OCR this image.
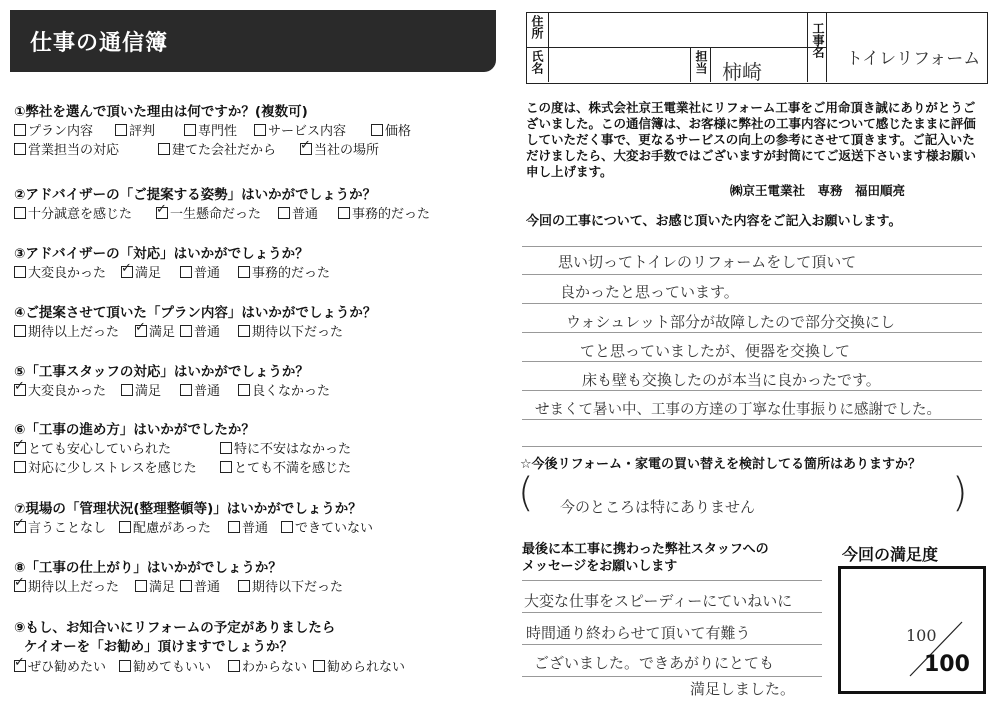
仕事の通信簿
①弊社を選んで頂いた理由は何ですか？(複数可)
プラン内容	評判	専門性	サービス内容	価格
営業担当の対応	建てた会社だから ✓	当社の場所
②アドバイザーの「ご提案する姿勢」はいかがでしょうか？
十分誠意を感じた ✓	一生懸命だった	普通	事務的だった
③アドバイザーの「対応」はいかがでしょうか？
大変良かった ✓	満足	普通	事務的だった
④ご提案させて頂いた「プラン内容」はいかがでしょうか？
期待以上だった ✓	満足	普通	期待以下だった
⑤「工事スタッフの対応」はいかがでしょうか？
✓大変良かった	満足	普通	良くなかった
⑥「工事の進め方」はいかがでしたか？
✓とても安心していられた	特に不安はなかった
対応に少しストレスを感じた	とても不満を感じた
⑦現場の「管理状況(整理整頓等)」はいかがでしょうか？
✓言うことなし	配慮があった	普通	できていない
⑧「工事の仕上がり」はいかがでしょうか？
✓期待以上だった	満足	普通	期待以下だった
⑨もし、お知合いにリフォームの予定がありましたら
ケイオーを「お勧め」頂けますでしょうか？
✓ぜひ勧めたい	勧めてもいい	わからない	勧められない
住所
氏名	担当 柿崎
工事名
トイレリフォーム
この度は、株式会社京王電業社にリフォーム工事をご用命頂き誠にありがとうございました。この通信簿は、お客様に弊社の工事内容について感じたままに評価していただく事で、更なるサービスの向上の参考にさせて頂きます。ご記入いただけましたら、大変お手数ではございますが封筒にてご返送下さいます様お願い申し上げます。
㈱京王電業社　専務　福田順亮
今回の工事について、お感じ頂いた内容をご記入お願いします。
思い切ってトイレのリフォームをして頂いて
良かったと思っています。
ウォシュレット部分が故障したので部分交換にし
てと思っていましたが、便器を交換して
床も壁も交換したのが本当に良かったです。
せまくて暑い中、工事の方達の丁寧な仕事振りに感謝でした。
☆今後リフォーム・家電の買い替えを検討してる箇所はありますか？
(	)
今のところは特にありません
最後に本工事に携わった弊社スタッフへの
メッセージをお願いします
大変な仕事をスピーディーにていねいに
時間通り終わらせて頂いて有難う
ございました。できあがりにとても
満足しました。
今回の満足度
100
100
